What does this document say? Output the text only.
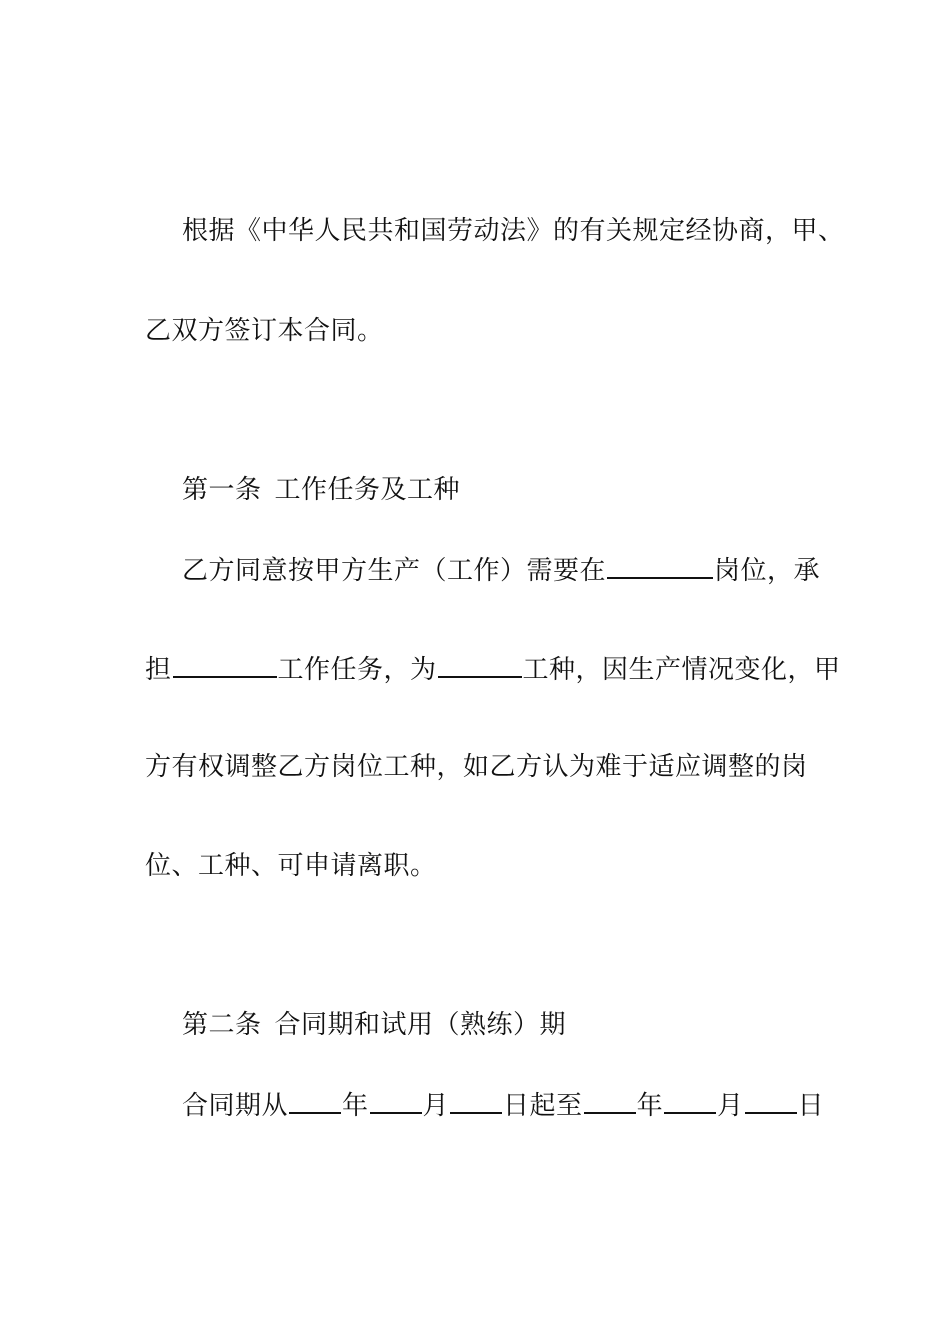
根据《中华人民共和国劳动法》的有关规定经协商，甲、
乙双方签订本合同。
第一条 工作任务及工种
乙方同意按甲方生产（工作）需要在	岗位，承
担	工作任务，为	工种，因生产情况变化，甲
方有权调整乙方岗位工种，如乙方认为难于适应调整的岗
位、工种、可申请离职。
第二条 合同期和试用（熟练）期
合同期从 年 月 日起至 年 月 日
